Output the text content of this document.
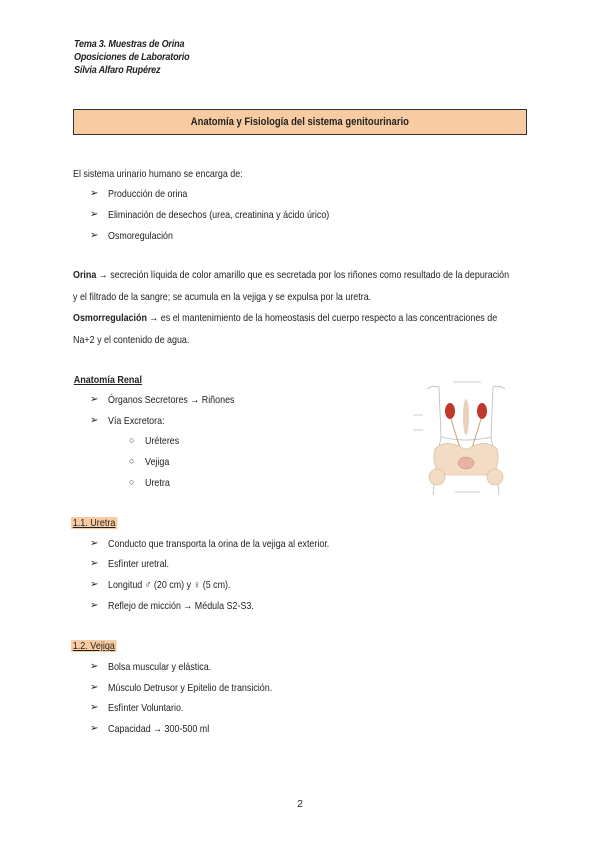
Tema 3. Muestras de Orina
Oposiciones de Laboratorio
Silvia Alfaro Rupérez
Anatomía y Fisiología del sistema genitourinario
El sistema urinario humano se encarga de:
➢ Producción de orina
➢ Eliminación de desechos (urea, creatinina y ácido úrico)
➢ Osmoregulación
Orina → secreción líquida de color amarillo que es secretada por los riñones como resultado de la depuración
y el filtrado de la sangre; se acumula en la vejiga y se expulsa por la uretra.
Osmorregulación → es el mantenimiento de la homeostasis del cuerpo respecto a las concentraciones de
Na+2 y el contenido de agua.
Anatomía Renal
➢ Órganos Secretores → Riñones
➢ Vía Excretora:
○ Uréteres
○ Vejiga
○ Uretra
1.1. Uretra
➢ Conducto que transporta la orina de la vejiga al exterior.
➢ Esfínter uretral.
➢ Longitud ♂ (20 cm) y ♀ (5 cm).
➢ Reflejo de micción → Médula S2-S3.
1.2. Vejiga
➢ Bolsa muscular y elástica.
➢ Músculo Detrusor y Epitelio de transición.
➢ Esfínter Voluntario.
➢ Capacidad → 300-500 ml
2
